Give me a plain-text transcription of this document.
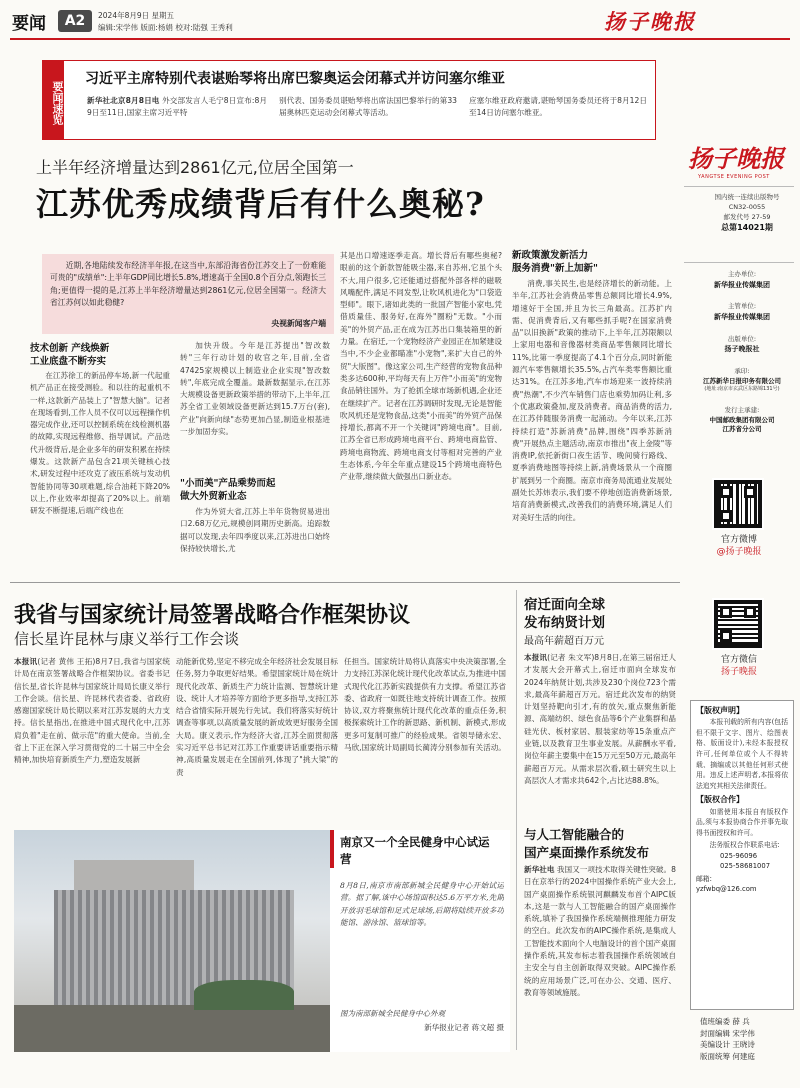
要闻	A2	2024年8月9日 星期五
编辑:宋学伟 版面:杨娟 校对:陆强 王秀利	扬子晚报
要闻速览
习近平主席特别代表谌贻琴将出席巴黎奥运会闭幕式并访问塞尔维亚
新华社北京8月8日电 外交部发言人毛宁8日宣布:8月9日至11日,国家主席习近平特
别代表、国务委员谌贻琴将出席法国巴黎举行的第33届奥林匹克运动会闭幕式等活动。
应塞尔维亚政府邀请,谌贻琴国务委员还将于8月12日至14日访问塞尔维亚。
扬子晚报
YANGTSE EVENING POST
国内统一连续出版物号
CN32-0055
邮发代号 27-59
总第14021期
主办单位:
新华报业传媒集团
主管单位:
新华报业传媒集团
出版单位:
扬子晚报社
承印:
江苏新华日报印务有限公司
(地址:南京市玄武区东路锦131号)
发行主承建:
中国邮政集团有限公司
江苏省分公司
官方微博
@扬子晚报
官方微信
扬子晚报
上半年经济增量达到2861亿元,位居全国第一
江苏优秀成绩背后有什么奥秘?
近期,各地陆续发布经济半年报,在这当中,东部沿海省份江苏交上了一份难能可贵的"成绩单":上半年GDP同比增长5.8%,增速高于全国0.8个百分点,领跑长三角;更值得一提的是,江苏上半年经济增量达到2861亿元,位居全国第一。经济大省江苏何以如此稳健?
央视新闻客户端
技术创新 产线焕新
工业底盘不断夯实

在江苏徐工的新品停车场,新一代起重机产品正在接受测验。和以往的起重机不一样,这款新产品装上了"智慧大脑"。记者在现场看到,工作人员不仅可以远程操作机器完成作业,还可以控制系统在线检测机器的故障,实现远程维修、指导调试。产品迭代升级背后,是企业多年的研发积累在持续爆发。这款新产品包含21项关键核心技术,研发过程中还攻克了液压系统与发动机智能协同等30项难题,综合油耗下降20%以上,作业效率却提高了20%以上。前端研发不断提速,后端产线也在

加快升级。今年是江苏提出"智改数转"三年行动计划的收官之年,目前,全省47425家规模以上制造业企业实现"智改数转",年底完成全覆盖。最新数据显示,在江苏大规模设备更新政策举措的带动下,上半年,江苏全省工业领域设备更新达到15.7万台(套),产业"向新向绿"态势更加凸显,制造业根基进一步加固夯实。

"小而美"产品乘势而起
做大外贸新业态

作为外贸大省,江苏上半年货物贸易进出口2.68万亿元,规模创同期历史新高。追踪数据可以发现,去年四季度以来,江苏进出口始终保持较快增长,尤

其是出口增速逐季走高。增长背后有哪些奥秘?眼前的这个新款智能吸尘器,来自苏州,它虽个头不大,用户很多,它还能通过搭配外部各样的磁吸风嘴配件,满足不同发型,让吹风机进化为"口袋造型师"。眼下,诸如此类的一批国产智能小家电,凭借质量佳、服务好,在海外"圈粉"无数。"小而美"的外贸产品,正在成为江苏出口集装箱里的新力量。在宿迁,一个宠物经济产业园正在加紧建设当中,不少企业都瞄准"小宠物",来扩大自己的外贸"大版图"。像这家公司,生产经营的宠物食品种类多达600种,平均每天有上万件"小而美"的宠物食品销往国外。为了抢抓全球市场新机遇,企业还在继续扩产。记者在江苏调研时发现,无论是智能吹风机还是宠物食品,这类"小而美"的外贸产品保持增长,都离不开一个关键词"跨境电商"。目前,江苏全省已形成跨境电商平台、跨境电商监管、跨境电商物流、跨境电商支付等相对完善的产业生态体系,今年全年重点建设15个跨境电商特色产业带,继续做大做强出口新业态。
新政策激发新活力
服务消费"新上加新"

消费,事关民生,也是经济增长的新动能。上半年,江苏社会消费品零售总额同比增长4.9%,增速好于全国,并且为长三角最高。江苏扩内需、促消费背后,又有哪些抓手呢?在国家消费品"以旧换新"政策的推动下,上半年,江苏限额以上家用电器和音像器材类商品零售额同比增长11%,比第一季度提高了4.1个百分点,同时新能源汽车零售额增长35.5%,占汽车类零售额比重达31%。在江苏多地,汽车市场迎来一波持续消费"热潮",不少汽车销售门店也乘势加码让利,多个优惠政策叠加,度及消费者。商品消费的活力,在江苏伴随服务消费一起涌动。今年以来,江苏持续打造"苏新消费"品牌,围绕"四季苏新消费"开展热点主题活动,南京市推出"夜上金陵"等消费IP,依托新街口夜生活节、晚间骑行路线、夏季消费地图等持续上新,消费场景从一个商圈扩展到另一个商圈。南京市商务局流通业发展处副处长苏炜表示,我们要不停地创造消费新场景,培育消费新模式,改善我们的消费环境,满足人们对美好生活的向往。

我省与国家统计局签署战略合作框架协议
信长星许昆林与康义举行工作会谈
本报讯(记者 黄伟 王拓)8月7日,我省与国家统计局在南京签署战略合作框架协议。省委书记信长星,省长许昆林与国家统计局局长康义举行工作会谈。信长星、许昆林代表省委、省政府感谢国家统计局长期以来对江苏发展的大力支持。信长星指出,在推进中国式现代化中,江苏肩负着"走在前、做示范"的重大使命。当前,全省上下正在深入学习贯彻党的二十届三中全会精神,加快培育新质生产力,塑造发展新
动能新优势,坚定不移完成全年经济社会发展目标任务,努力争取更好结果。希望国家统计局在统计现代化改革、新质生产力统计监测、智慧统计建设、统计人才培养等方面给予更多指导,支持江苏结合省情实际开展先行先试。我们将落实好统计调查等事项,以高质量发展的新成效更好服务全国大局。康义表示,作为经济大省,江苏全面贯彻落实习近平总书记对江苏工作重要讲话重要指示精神,高质量发展走在全国前列,体现了"挑大梁"的责
任担当。国家统计局将认真落实中央决策部署,全力支持江苏深化统计现代化改革试点,为推进中国式现代化江苏新实践提供有力支撑。希望江苏省委、省政府一如既往地支持统计调查工作。按照协议,双方将聚焦统计现代化改革的重点任务,积极探索统计工作的新思路、新机制、新模式,形成更多可复制可推广的经验成果。省领导储永宏、马欣,国家统计局副局长蔺涛分别参加有关活动。
南京又一个全民健身中心试运营
8月8日,南京市南部新城全民健身中心开始试运营。据了解,该中心场馆面积达5.6万平方米,先期开放羽毛球馆和足式足球场,后期将陆续开放多功能馆、游泳馆、篮球馆等。
图为南部新城全民健身中心外观
新华报业记者 蒋文超 摄
宿迁面向全球
发布纳贤计划
最高年薪超百万元
本报讯(记者 朱文军)8月8日,在第三届宿迁人才发展大会开幕式上,宿迁市面向全球发布2024年纳贤计划,共涉及230个岗位723个需求,最高年薪超百万元。宿迁此次发布的纳贤计划坚持靶向引才,有的放矢,重点聚焦新能源、高端纺织、绿色食品等6个产业集群和晶硅光伏、板材家居、服装家纺等15条重点产业链,以及教育卫生事业发展。从薪酬水平看,岗位年薪主要集中在15万元至50万元,最高年薪超百万元。从需求层次看,硕士研究生以上高层次人才需求共642个,占比达88.8%。
与人工智能融合的
国产桌面操作系统发布
新华社电 我国又一项技术取得关键性突破。8日在京举行的2024中国操作系统产业大会上,国产桌面操作系统银河麒麟发布首个AIPC版本,这是一款与人工智能融合的国产桌面操作系统,填补了我国操作系统端侧推理能力研发的空白。此次发布的AIPC操作系统,是集成人工智能技术面向个人电脑设计的首个国产桌面操作系统,其发布标志着我国操作系统领域自主安全与自主创新取得双突破。AIPC操作系统的应用场景广泛,可在办公、交通、医疗、教育等领域施展。
【版权声明】
本报刊载的所有内容(包括但不限于文字、图片、绘图表格、版面设计),未经本报授权许可,任何单位或个人不得转载、摘编或以其他任何形式使用。违反上述声明者,本报将依法追究其相关法律责任。
【版权合作】
如需使用本报自有版权作品,须与本报协商合作并事先取得书面授权和许可。
法务版权合作联系电话:
025-96096
025-58681007
邮箱:
yzfwbq@126.com
值班编委 薛 兵
封面编辑 宋学伟
美编设计 王晓诗
版面统筹 何建庭
